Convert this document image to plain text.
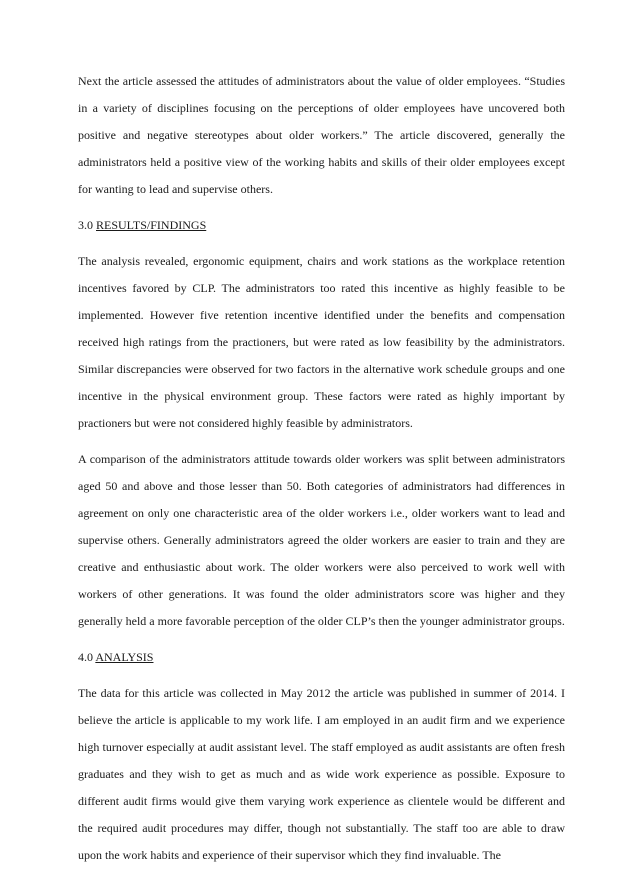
Next the article assessed the attitudes of administrators about the value of older employees. “Studies in a variety of disciplines focusing on the perceptions of older employees have uncovered both positive and negative stereotypes about older workers.” The article discovered, generally the administrators held a positive view of the working habits and skills of their older employees except for wanting to lead and supervise others.

3.0 RESULTS/FINDINGS

The analysis revealed, ergonomic equipment, chairs and work stations as the workplace retention incentives favored by CLP. The administrators too rated this incentive as highly feasible to be implemented. However five retention incentive identified under the benefits and compensation received high ratings from the practioners, but were rated as low feasibility by the administrators. Similar discrepancies were observed for two factors in the alternative work schedule groups and one incentive in the physical environment group. These factors were rated as highly important by practioners but were not considered highly feasible by administrators.

A comparison of the administrators attitude towards older workers was split between administrators aged 50 and above and those lesser than 50. Both categories of administrators had differences in agreement on only one characteristic area of the older workers i.e., older workers want to lead and supervise others. Generally administrators agreed the older workers are easier to train and they are creative and enthusiastic about work. The older workers were also perceived to work well with workers of other generations. It was found the older administrators score was higher and they generally held a more favorable perception of the older CLP’s then the younger administrator groups.

4.0 ANALYSIS

The data for this article was collected in May 2012 the article was published in summer of 2014. I believe the article is applicable to my work life. I am employed in an audit firm and we experience high turnover especially at audit assistant level. The staff employed as audit assistants are often fresh graduates and they wish to get as much and as wide work experience as possible. Exposure to different audit firms would give them varying work experience as clientele would be different and the required audit procedures may differ, though not substantially. The staff too are able to draw upon the work habits and experience of their supervisor which they find invaluable. The
